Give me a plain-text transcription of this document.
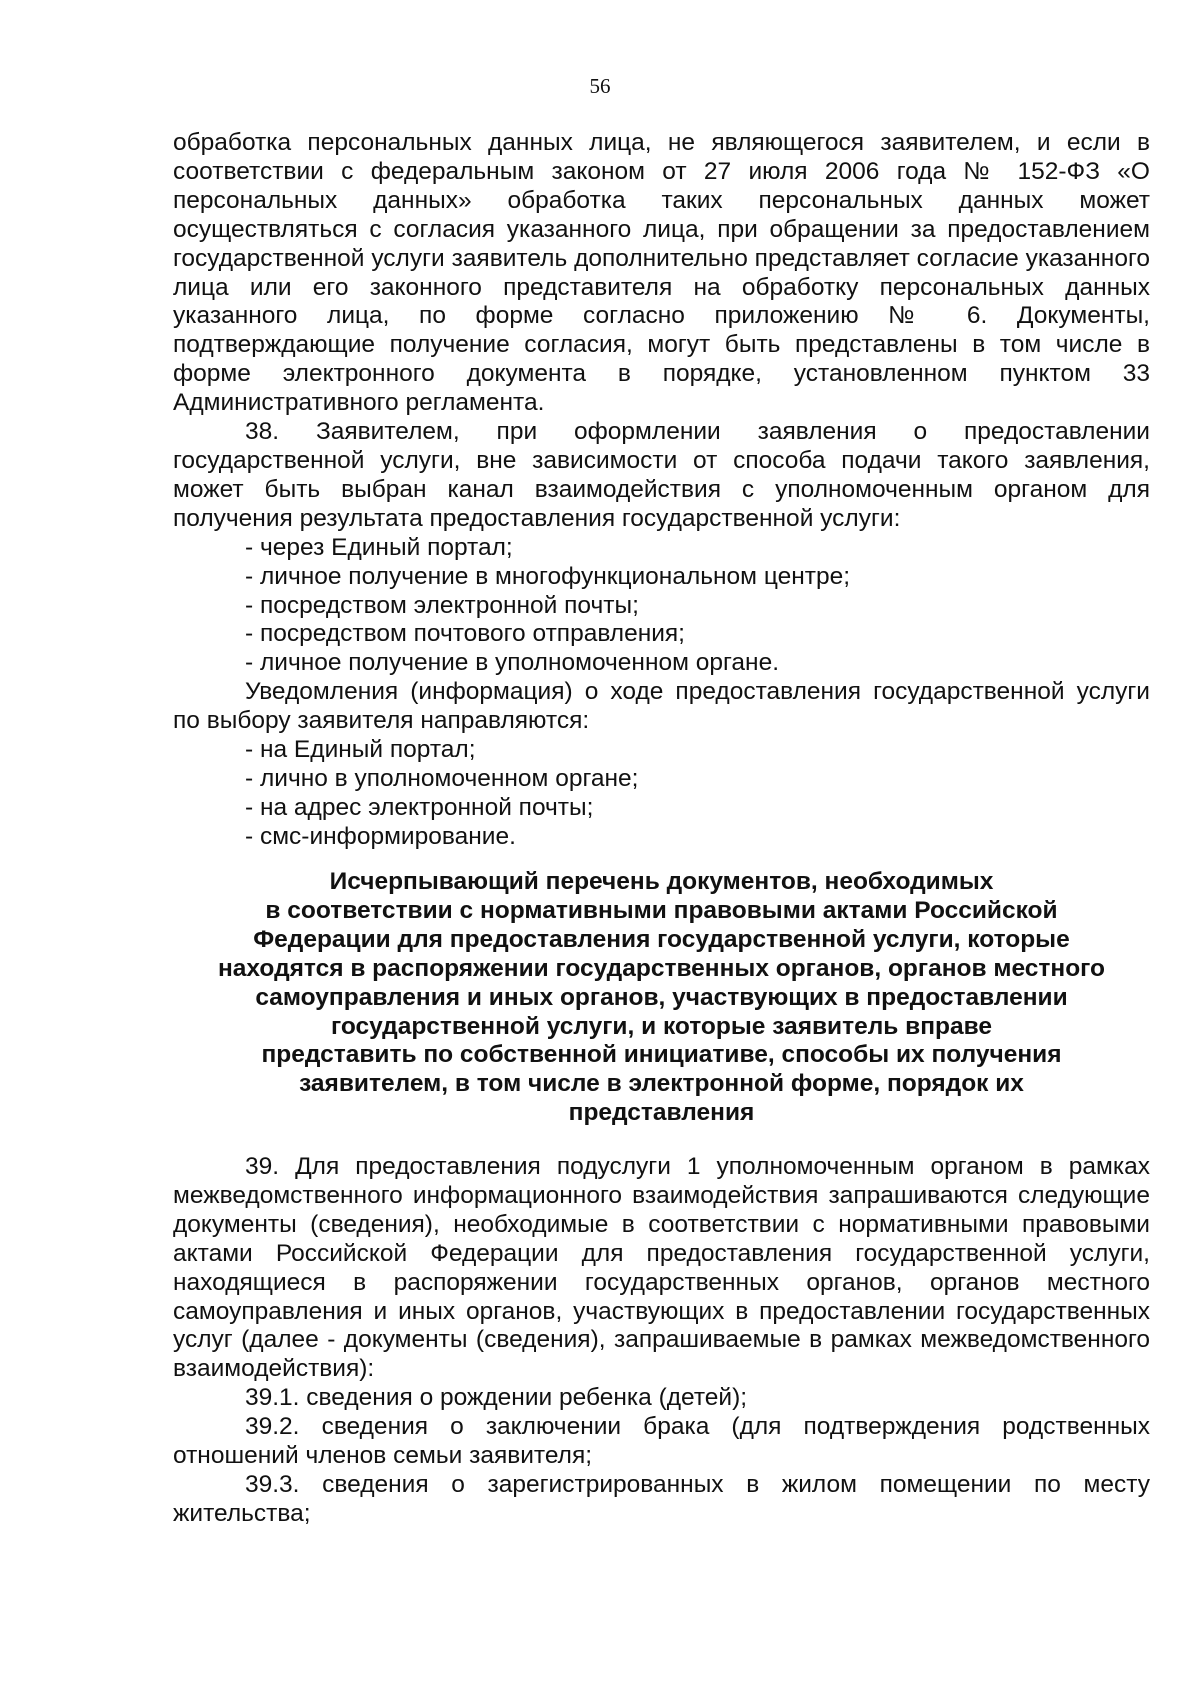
56

обработка персональных данных лица, не являющегося заявителем, и если в соответствии с федеральным законом от 27 июля 2006 года № 152-ФЗ «О персональных данных» обработка таких персональных данных может осуществляться с согласия указанного лица, при обращении за предоставлением государственной услуги заявитель дополнительно представляет согласие указанного лица или его законного представителя на обработку персональных данных указанного лица, по форме согласно приложению № 6. Документы, подтверждающие получение согласия, могут быть представлены в том числе в форме электронного документа в порядке, установленном пунктом 33 Административного регламента.

38. Заявителем, при оформлении заявления о предоставлении государственной услуги, вне зависимости от способа подачи такого заявления, может быть выбран канал взаимодействия с уполномоченным органом для получения результата предоставления государственной услуги:

- через Единый портал;

- личное получение в многофункциональном центре;

- посредством электронной почты;

- посредством почтового отправления;

- личное получение в уполномоченном органе.

Уведомления (информация) о ходе предоставления государственной услуги по выбору заявителя направляются:

- на Единый портал;

- лично в уполномоченном органе;

- на адрес электронной почты;

- смс-информирование.

Исчерпывающий перечень документов, необходимых
в соответствии с нормативными правовыми актами Российской
Федерации для предоставления государственной услуги, которые
находятся в распоряжении государственных органов, органов местного
самоуправления и иных органов, участвующих в предоставлении
государственной услуги, и которые заявитель вправе
представить по собственной инициативе, способы их получения
заявителем, в том числе в электронной форме, порядок их
представления

39. Для предоставления подуслуги 1 уполномоченным органом в рамках межведомственного информационного взаимодействия запрашиваются следующие документы (сведения), необходимые в соответствии с нормативными правовыми актами Российской Федерации для предоставления государственной услуги, находящиеся в распоряжении государственных органов, органов местного самоуправления и иных органов, участвующих в предоставлении государственных услуг (далее - документы (сведения), запрашиваемые в рамках межведомственного взаимодействия):

39.1. сведения о рождении ребенка (детей);

39.2. сведения о заключении брака (для подтверждения родственных отношений членов семьи заявителя;

39.3. сведения о зарегистрированных в жилом помещении по месту жительства;
